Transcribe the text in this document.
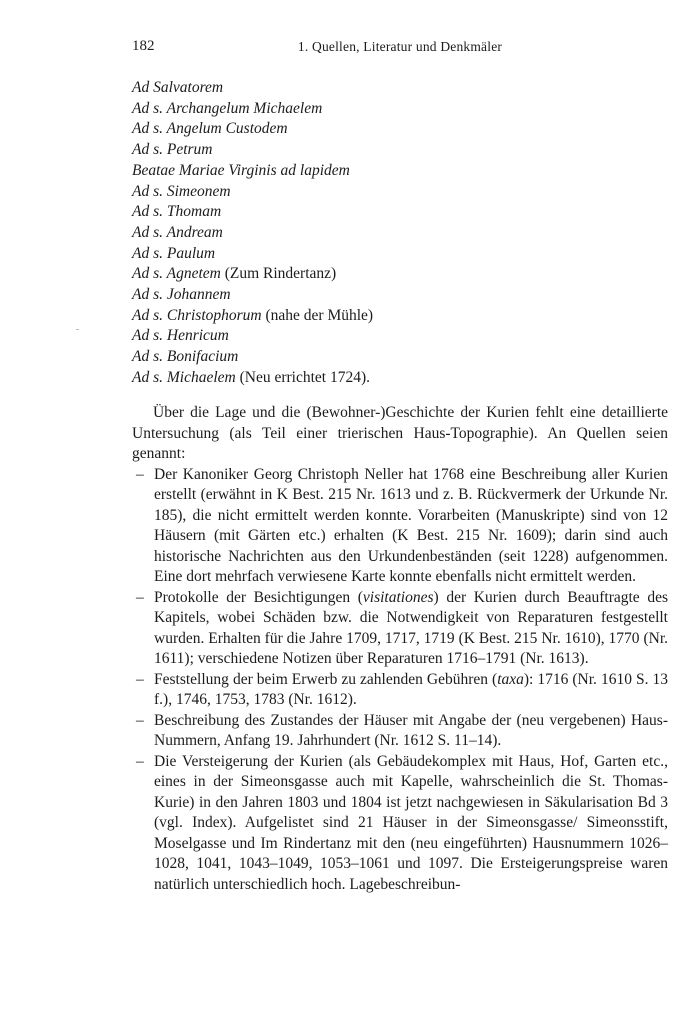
182	1. Quellen, Literatur und Denkmäler
Ad Salvatorem
Ad s. Archangelum Michaelem
Ad s. Angelum Custodem
Ad s. Petrum
Beatae Mariae Virginis ad lapidem
Ad s. Simeonem
Ad s. Thomam
Ad s. Andream
Ad s. Paulum
Ad s. Agnetem (Zum Rindertanz)
Ad s. Johannem
Ad s. Christophorum (nahe der Mühle)
Ad s. Henricum
Ad s. Bonifacium
Ad s. Michaelem (Neu errichtet 1724).

Über die Lage und die (Bewohner-)Geschichte der Kurien fehlt eine detaillierte Untersuchung (als Teil einer trierischen Haus-Topographie). An Quellen seien genannt:

– Der Kanoniker Georg Christoph Neller hat 1768 eine Beschreibung aller Kurien erstellt (erwähnt in K Best. 215 Nr. 1613 und z. B. Rückvermerk der Urkunde Nr. 185), die nicht ermittelt werden konnte. Vorarbeiten (Manuskripte) sind von 12 Häusern (mit Gärten etc.) erhalten (K Best. 215 Nr. 1609); darin sind auch historische Nachrichten aus den Urkundenbeständen (seit 1228) aufgenommen. Eine dort mehrfach verwiesene Karte konnte ebenfalls nicht ermittelt werden.
– Protokolle der Besichtigungen (visitationes) der Kurien durch Beauftragte des Kapitels, wobei Schäden bzw. die Notwendigkeit von Reparaturen festgestellt wurden. Erhalten für die Jahre 1709, 1717, 1719 (K Best. 215 Nr. 1610), 1770 (Nr. 1611); verschiedene Notizen über Reparaturen 1716–1791 (Nr. 1613).
– Feststellung der beim Erwerb zu zahlenden Gebühren (taxa): 1716 (Nr. 1610 S. 13 f.), 1746, 1753, 1783 (Nr. 1612).
– Beschreibung des Zustandes der Häuser mit Angabe der (neu vergebenen) Haus-Nummern, Anfang 19. Jahrhundert (Nr. 1612 S. 11–14).
– Die Versteigerung der Kurien (als Gebäudekomplex mit Haus, Hof, Garten etc., eines in der Simeonsgasse auch mit Kapelle, wahrscheinlich die St. Thomas-Kurie) in den Jahren 1803 und 1804 ist jetzt nachgewiesen in Säkularisation Bd 3 (vgl. Index). Aufgelistet sind 21 Häuser in der Simeonsgasse/ Simeonsstift, Moselgasse und Im Rindertanz mit den (neu eingeführten) Hausnummern 1026–1028, 1041, 1043–1049, 1053–1061 und 1097. Die Ersteigerungspreise waren natürlich unterschiedlich hoch. Lagebeschreibun-
